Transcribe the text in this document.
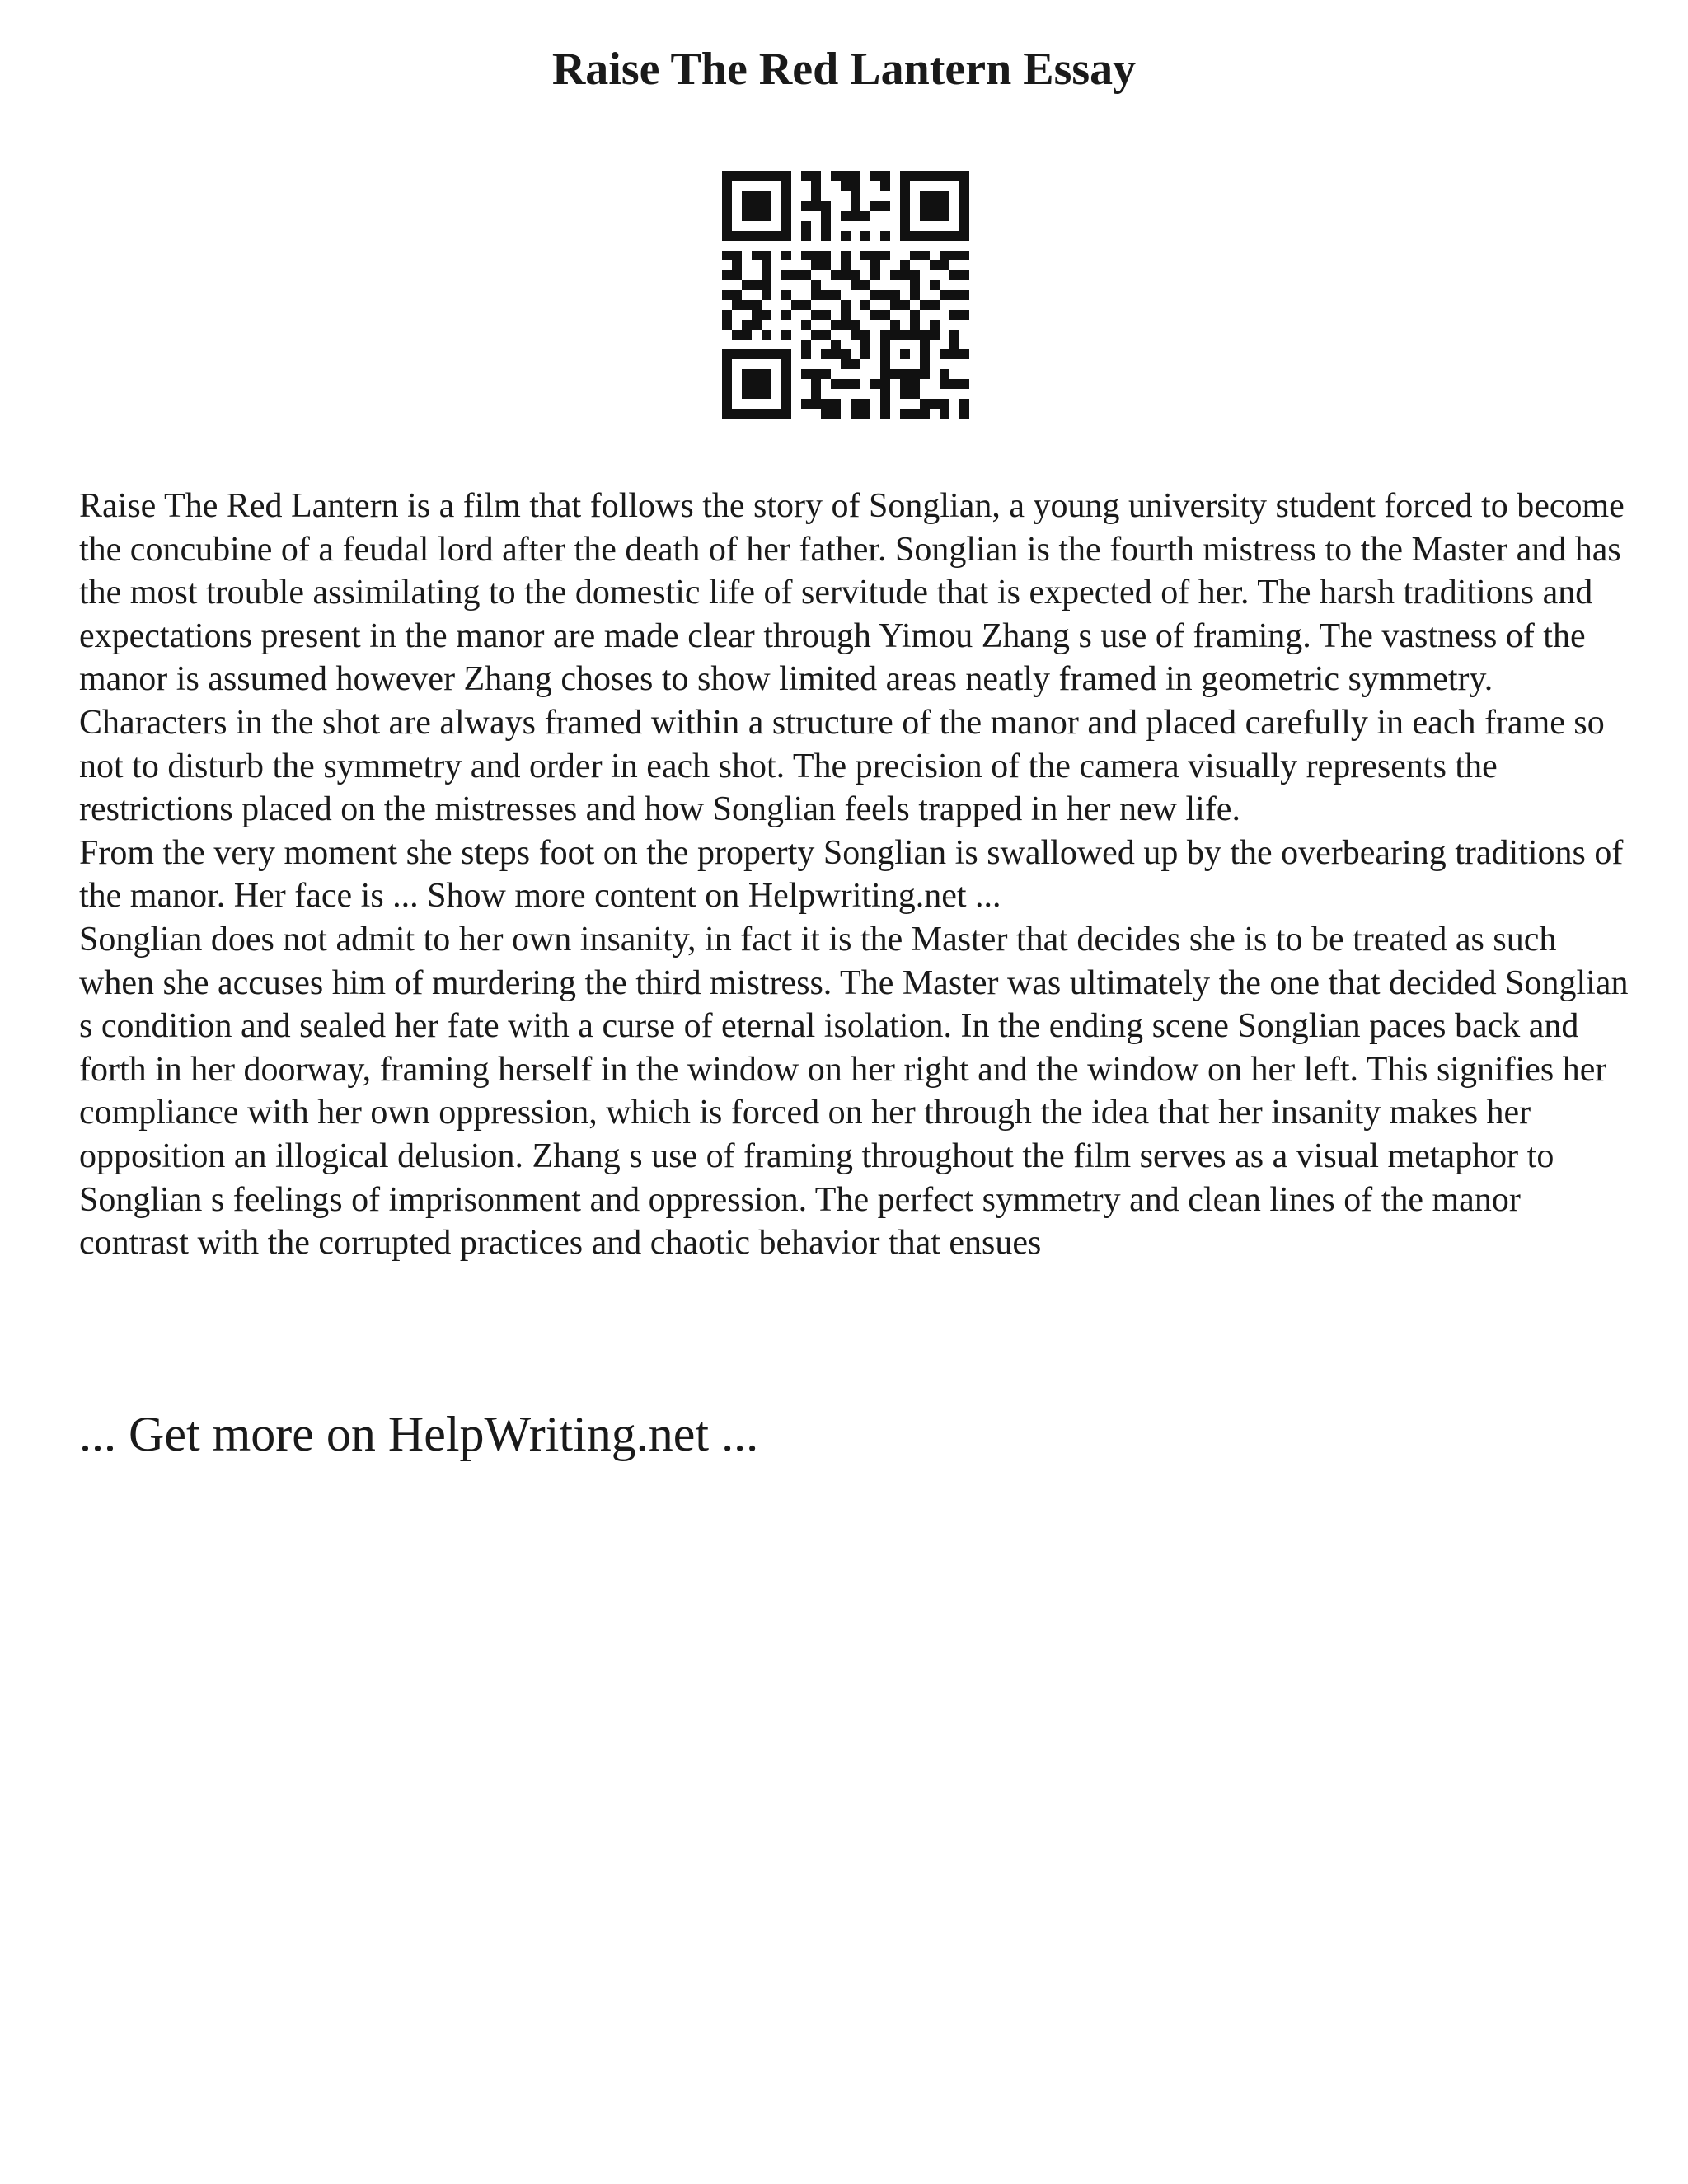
Raise The Red Lantern Essay

Raise The Red Lantern is a film that follows the story of Songlian, a young university student forced to become the concubine of a feudal lord after the death of her father. Songlian is the fourth mistress to the Master and has the most trouble assimilating to the domestic life of servitude that is expected of her. The harsh traditions and expectations present in the manor are made clear through Yimou Zhang s use of framing. The vastness of the manor is assumed however Zhang choses to show limited areas neatly framed in geometric symmetry. Characters in the shot are always framed within a structure of the manor and placed carefully in each frame so not to disturb the symmetry and order in each shot. The precision of the camera visually represents the restrictions placed on the mistresses and how Songlian feels trapped in her new life.

From the very moment she steps foot on the property Songlian is swallowed up by the overbearing traditions of the manor. Her face is ... Show more content on Helpwriting.net ...

Songlian does not admit to her own insanity, in fact it is the Master that decides she is to be treated as such when she accuses him of murdering the third mistress. The Master was ultimately the one that decided Songlian s condition and sealed her fate with a curse of eternal isolation. In the ending scene Songlian paces back and forth in her doorway, framing herself in the window on her right and the window on her left. This signifies her compliance with her own oppression, which is forced on her through the idea that her insanity makes her opposition an illogical delusion. Zhang s use of framing throughout the film serves as a visual metaphor to Songlian s feelings of imprisonment and oppression. The perfect symmetry and clean lines of the manor contrast with the corrupted practices and chaotic behavior that ensues

... Get more on HelpWriting.net ...
